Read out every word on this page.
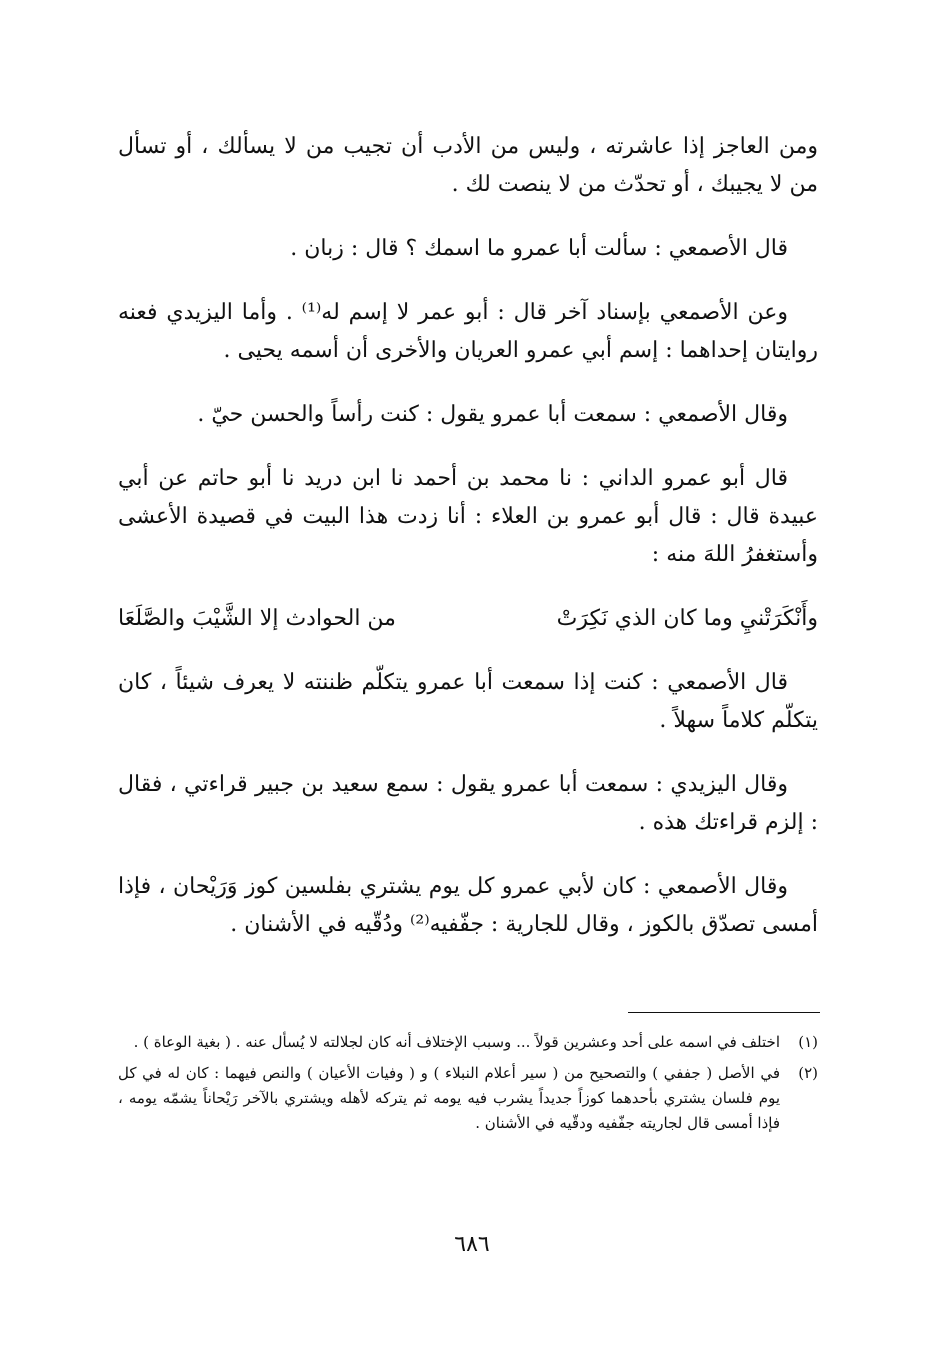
ومن العاجز إذا عاشرته ، وليس من الأدب أن تجيب من لا يسألك ، أو تسأل من لا يجيبك ، أو تحدّث من لا ينصت لك .

قال الأصمعي : سألت أبا عمرو ما اسمك ؟ قال : زبان .

وعن الأصمعي بإسناد آخر قال : أبو عمر لا إسم له⁽¹⁾ . وأما اليزيدي فعنه روايتان إحداهما : إسم أبي عمرو العريان والأخرى أن أسمه يحيى .

وقال الأصمعي : سمعت أبا عمرو يقول : كنت رأساً والحسن حيّ .

قال أبو عمرو الداني : نا محمد بن أحمد نا ابن دريد نا أبو حاتم عن أبي عبيدة قال : قال أبو عمرو بن العلاء : أنا زدت هذا البيت في قصيدة الأعشى وأستغفرُ اللهَ منه :

وأَنْكَرَتْنيِ وما كان الذي نَكِرَتْ
من الحوادث إلا الشَّيْبَ والصَّلَعَا

قال الأصمعي : كنت إذا سمعت أبا عمرو يتكلّم ظننته لا يعرف شيئاً ، كان يتكلّم كلاماً سهلاً .

وقال اليزيدي : سمعت أبا عمرو يقول : سمع سعيد بن جبير قراءتي ، فقال : إلزم قراءتك هذه .

وقال الأصمعي : كان لأبي عمرو كل يوم يشتري بفلسين كوز وَرَيْحان ، فإذا أمسى تصدّق بالكوز ، وقال للجارية : جفّفيه⁽²⁾ ودُقّيه في الأشنان .

(١)
اختلف في اسمه على أحد وعشرين قولاً ... وسبب الإختلاف أنه كان لجلالته لا يُسأل عنه . ( بغية الوعاة ) .
(٢)
في الأصل ( جففي ) والتصحيح من ( سير أعلام النبلاء ) و ( وفيات الأعيان ) والنص فيهما : كان له في كل يوم فلسان يشتري بأحدهما كوزاً جديداً يشرب فيه يومه ثم يتركه لأهله ويشتري بالآخر رَيْحاناً يشمّه يومه ، فإذا أمسى قال لجاريته جفّفيه ودقّيه في الأشنان .
٦٨٦
